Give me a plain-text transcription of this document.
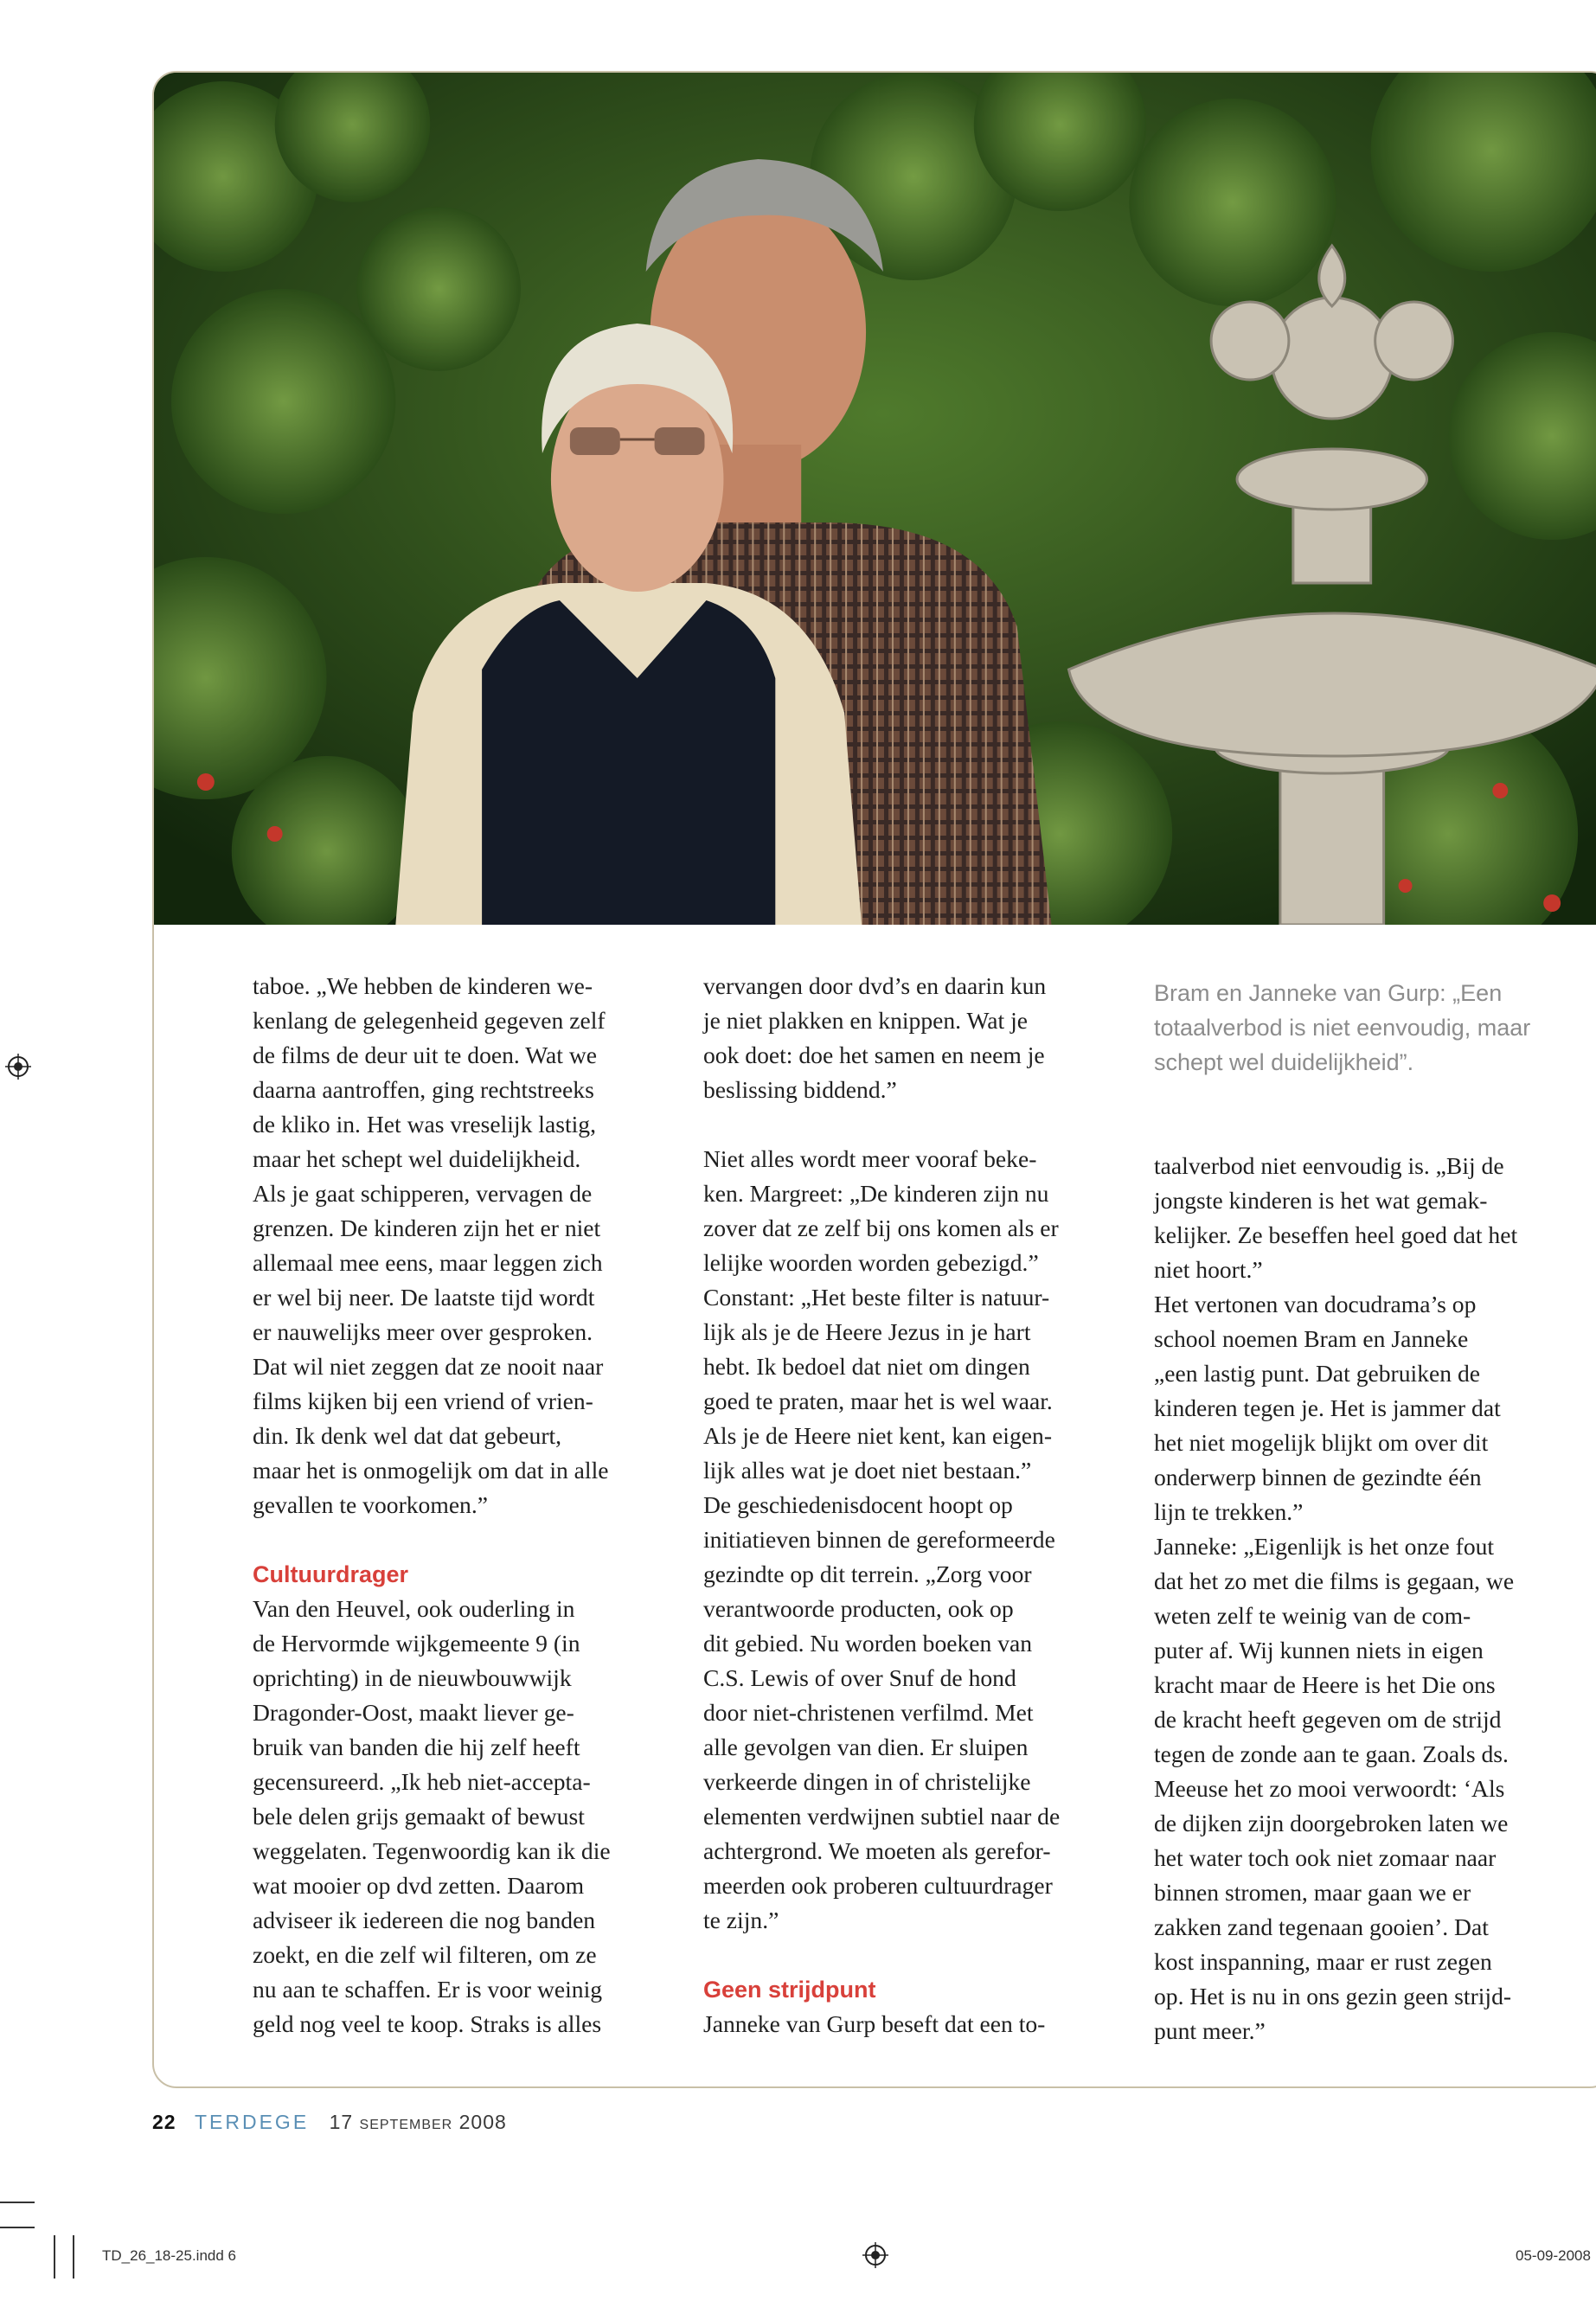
taboe. „We hebben de kinderen we-

kenlang de gelegenheid gegeven zelf

de films de deur uit te doen. Wat we

daarna aantroffen, ging rechtstreeks

de kliko in. Het was vreselijk lastig,

maar het schept wel duidelijkheid.

Als je gaat schipperen, vervagen de

grenzen. De kinderen zijn het er niet

allemaal mee eens, maar leggen zich

er wel bij neer. De laatste tijd wordt

er nauwelijks meer over gesproken.

Dat wil niet zeggen dat ze nooit naar

films kijken bij een vriend of vrien-

din. Ik denk wel dat dat gebeurt,

maar het is onmogelijk om dat in alle

gevallen te voorkomen.”

Cultuurdrager

Van den Heuvel, ook ouderling in

de Hervormde wijkgemeente 9 (in

oprichting) in de nieuwbouwwijk

Dragonder-Oost, maakt liever ge-

bruik van banden die hij zelf heeft

gecensureerd. „Ik heb niet-accepta-

bele delen grijs gemaakt of bewust

weggelaten. Tegenwoordig kan ik die

wat mooier op dvd zetten. Daarom

adviseer ik iedereen die nog banden

zoekt, en die zelf wil filteren, om ze

nu aan te schaffen. Er is voor weinig

geld nog veel te koop. Straks is alles

vervangen door dvd’s en daarin kun

je niet plakken en knippen. Wat je

ook doet: doe het samen en neem je

beslissing biddend.”

Niet alles wordt meer vooraf beke-

ken. Margreet: „De kinderen zijn nu

zover dat ze zelf bij ons komen als er

lelijke woorden worden gebezigd.”

Constant: „Het beste filter is natuur-

lijk als je de Heere Jezus in je hart

hebt. Ik bedoel dat niet om dingen

goed te praten, maar het is wel waar.

Als je de Heere niet kent, kan eigen-

lijk alles wat je doet niet bestaan.”

De geschiedenisdocent hoopt op

initiatieven binnen de gereformeerde

gezindte op dit terrein. „Zorg voor

verantwoorde producten, ook op

dit gebied. Nu worden boeken van

C.S. Lewis of over Snuf de hond

door niet-christenen verfilmd. Met

alle gevolgen van dien. Er sluipen

verkeerde dingen in of christelijke

elementen verdwijnen subtiel naar de

achtergrond. We moeten als gerefor-

meerden ook proberen cultuurdrager

te zijn.”

Geen strijdpunt

Janneke van Gurp beseft dat een to-

Bram en Janneke van Gurp: „Een
totaalverbod is niet eenvoudig, maar
schept wel duidelijkheid”.

taalverbod niet eenvoudig is. „Bij de

jongste kinderen is het wat gemak-

kelijker. Ze beseffen heel goed dat het

niet hoort.”

Het vertonen van docudrama’s op

school noemen Bram en Janneke

„een lastig punt. Dat gebruiken de

kinderen tegen je. Het is jammer dat

het niet mogelijk blijkt om over dit

onderwerp binnen de gezindte één

lijn te trekken.”

Janneke: „Eigenlijk is het onze fout

dat het zo met die films is gegaan, we

weten zelf te weinig van de com-

puter af. Wij kunnen niets in eigen

kracht maar de Heere is het Die ons

de kracht heeft gegeven om de strijd

tegen de zonde aan te gaan. Zoals ds.

Meeuse het zo mooi verwoordt: ‘Als

de dijken zijn doorgebroken laten we

het water toch ook niet zomaar naar

binnen stromen, maar gaan we er

zakken zand tegenaan gooien’. Dat

kost inspanning, maar er rust zegen

op. Het is nu in ons gezin geen strijd-

punt meer.”

22 TERDEGE 17 september 2008
TD_26_18-25.indd 6	05-09-2008
